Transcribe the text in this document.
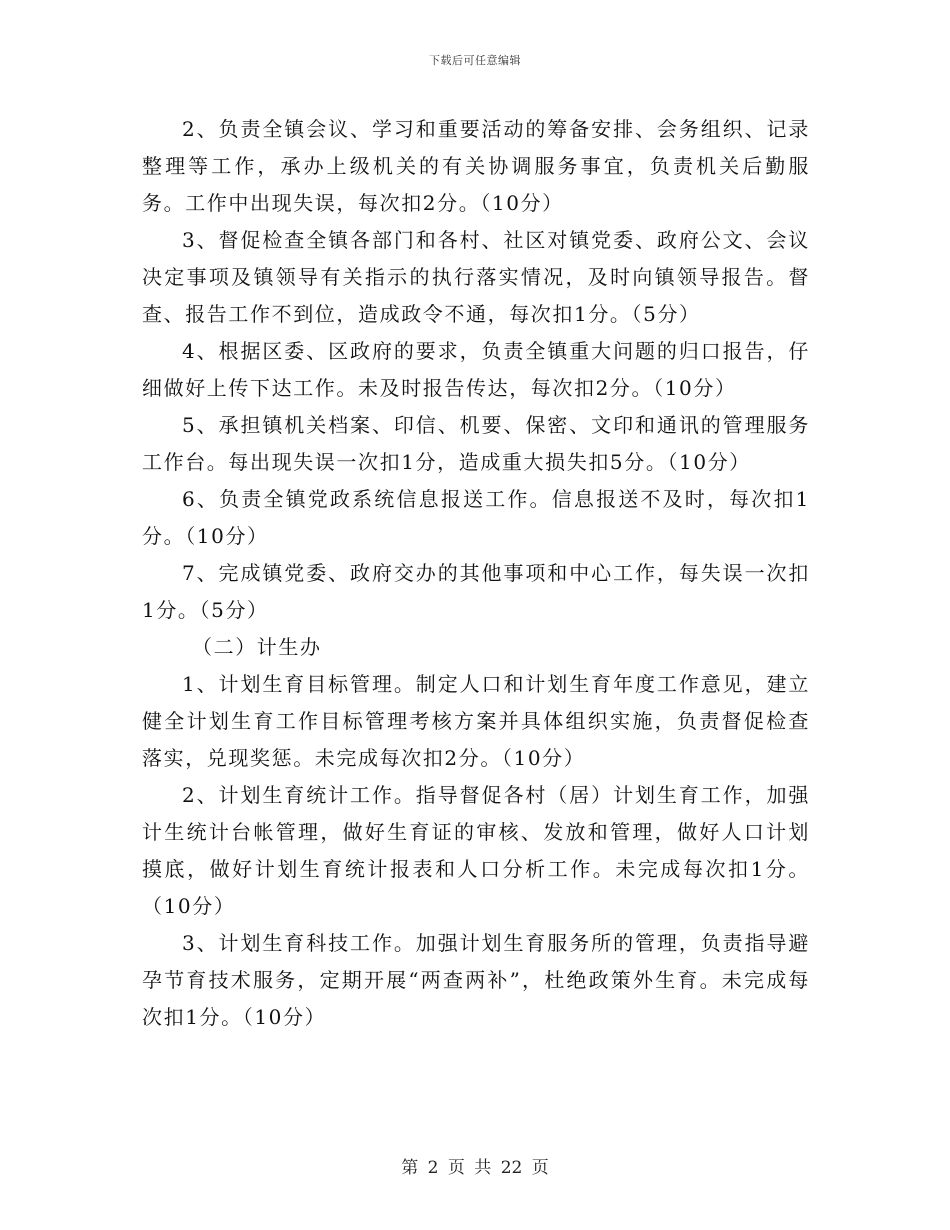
下载后可任意编辑

2、负责全镇会议、学习和重要活动的筹备安排、会务组织、记录整理等工作，承办上级机关的有关协调服务事宜，负责机关后勤服务。工作中出现失误，每次扣2分。（10分）

3、督促检查全镇各部门和各村、社区对镇党委、政府公文、会议决定事项及镇领导有关指示的执行落实情况，及时向镇领导报告。督查、报告工作不到位，造成政令不通，每次扣1分。（5分）

4、根据区委、区政府的要求，负责全镇重大问题的归口报告，仔细做好上传下达工作。未及时报告传达，每次扣2分。（10分）

5、承担镇机关档案、印信、机要、保密、文印和通讯的管理服务工作台。每出现失误一次扣1分，造成重大损失扣5分。（10分）

6、负责全镇党政系统信息报送工作。信息报送不及时，每次扣1分。（10分）

7、完成镇党委、政府交办的其他事项和中心工作，每失误一次扣1分。（5分）

（二）计生办

1、计划生育目标管理。制定人口和计划生育年度工作意见，建立健全计划生育工作目标管理考核方案并具体组织实施，负责督促检查落实，兑现奖惩。未完成每次扣2分。（10分）

2、计划生育统计工作。指导督促各村（居）计划生育工作，加强计生统计台帐管理，做好生育证的审核、发放和管理，做好人口计划摸底，做好计划生育统计报表和人口分析工作。未完成每次扣1分。（10分）

3、计划生育科技工作。加强计划生育服务所的管理，负责指导避孕节育技术服务，定期开展“两查两补”，杜绝政策外生育。未完成每次扣1分。（10分）

第 2 页 共 22 页
